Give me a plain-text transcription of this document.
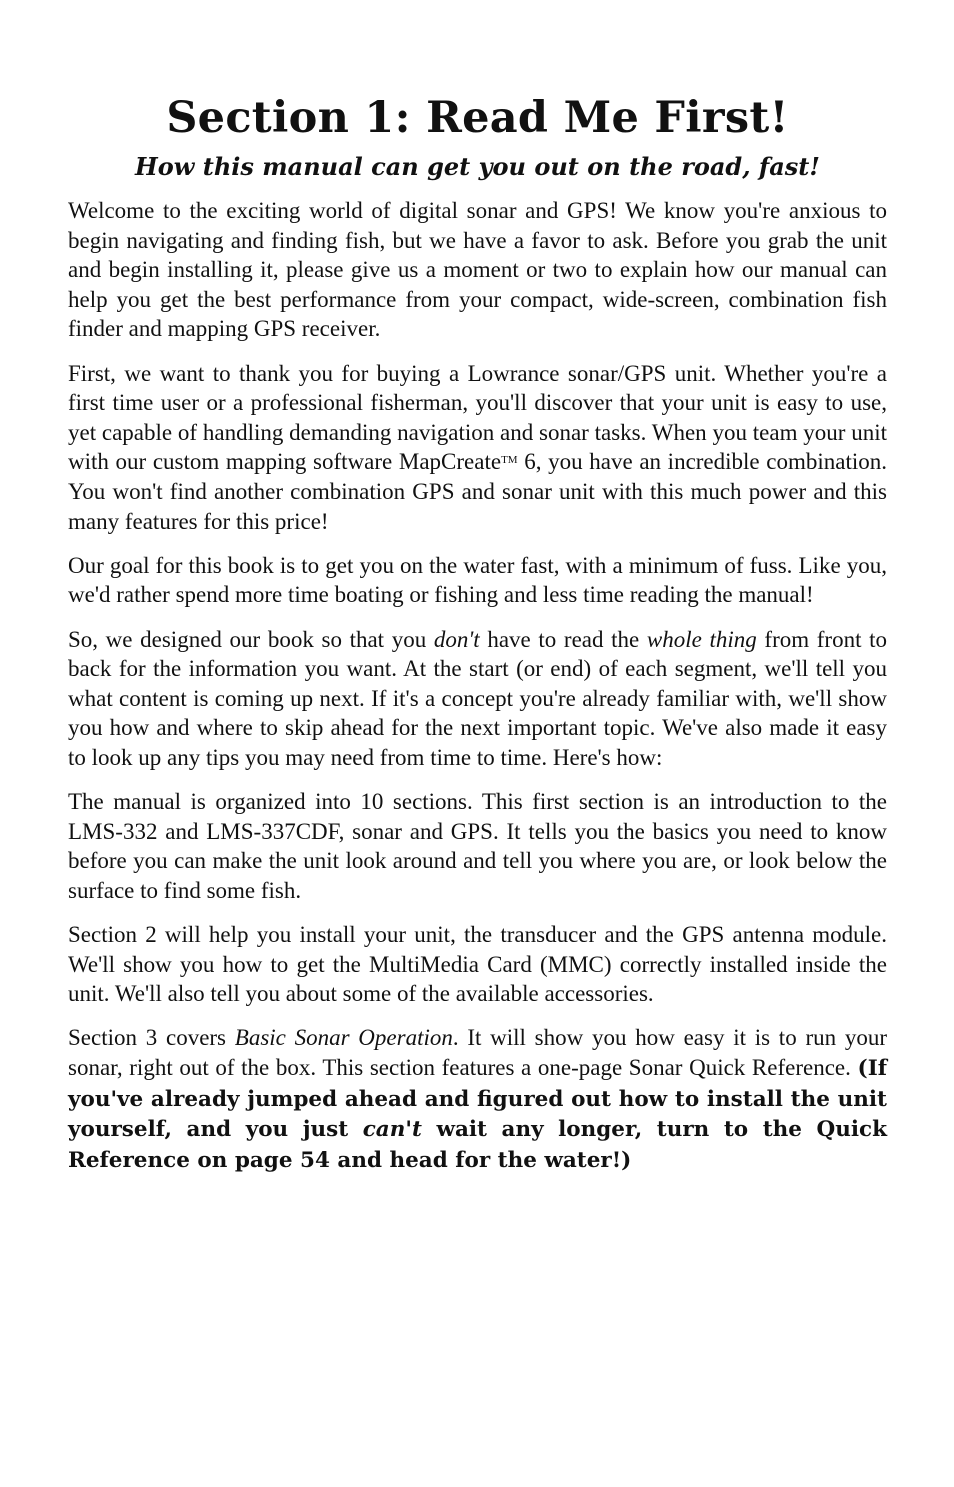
Section 1: Read Me First!
How this manual can get you out on the road, fast!

Welcome to the exciting world of digital sonar and GPS! We know you're anxious to begin navigating and finding fish, but we have a favor to ask. Before you grab the unit and begin installing it, please give us a moment or two to explain how our manual can help you get the best performance from your compact, wide-screen, combination fish finder and mapping GPS receiver.

First, we want to thank you for buying a Lowrance sonar/GPS unit. Whether you're a first time user or a professional fisherman, you'll discover that your unit is easy to use, yet capable of handling demanding navigation and sonar tasks. When you team your unit with our custom mapping software MapCreate™ 6, you have an incredible combination. You won't find another combination GPS and sonar unit with this much power and this many features for this price!

Our goal for this book is to get you on the water fast, with a minimum of fuss. Like you, we'd rather spend more time boating or fishing and less time reading the manual!

So, we designed our book so that you don't have to read the whole thing from front to back for the information you want. At the start (or end) of each segment, we'll tell you what content is coming up next. If it's a concept you're already familiar with, we'll show you how and where to skip ahead for the next important topic. We've also made it easy to look up any tips you may need from time to time. Here's how:

The manual is organized into 10 sections. This first section is an introduction to the LMS-332 and LMS-337CDF, sonar and GPS. It tells you the basics you need to know before you can make the unit look around and tell you where you are, or look below the surface to find some fish.

Section 2 will help you install your unit, the transducer and the GPS antenna module. We'll show you how to get the MultiMedia Card (MMC) correctly installed inside the unit. We'll also tell you about some of the available accessories.

Section 3 covers Basic Sonar Operation. It will show you how easy it is to run your sonar, right out of the box. This section features a one-page Sonar Quick Reference. (If you've already jumped ahead and figured out how to install the unit yourself, and you just can't wait any longer, turn to the Quick Reference on page 54 and head for the water!)
